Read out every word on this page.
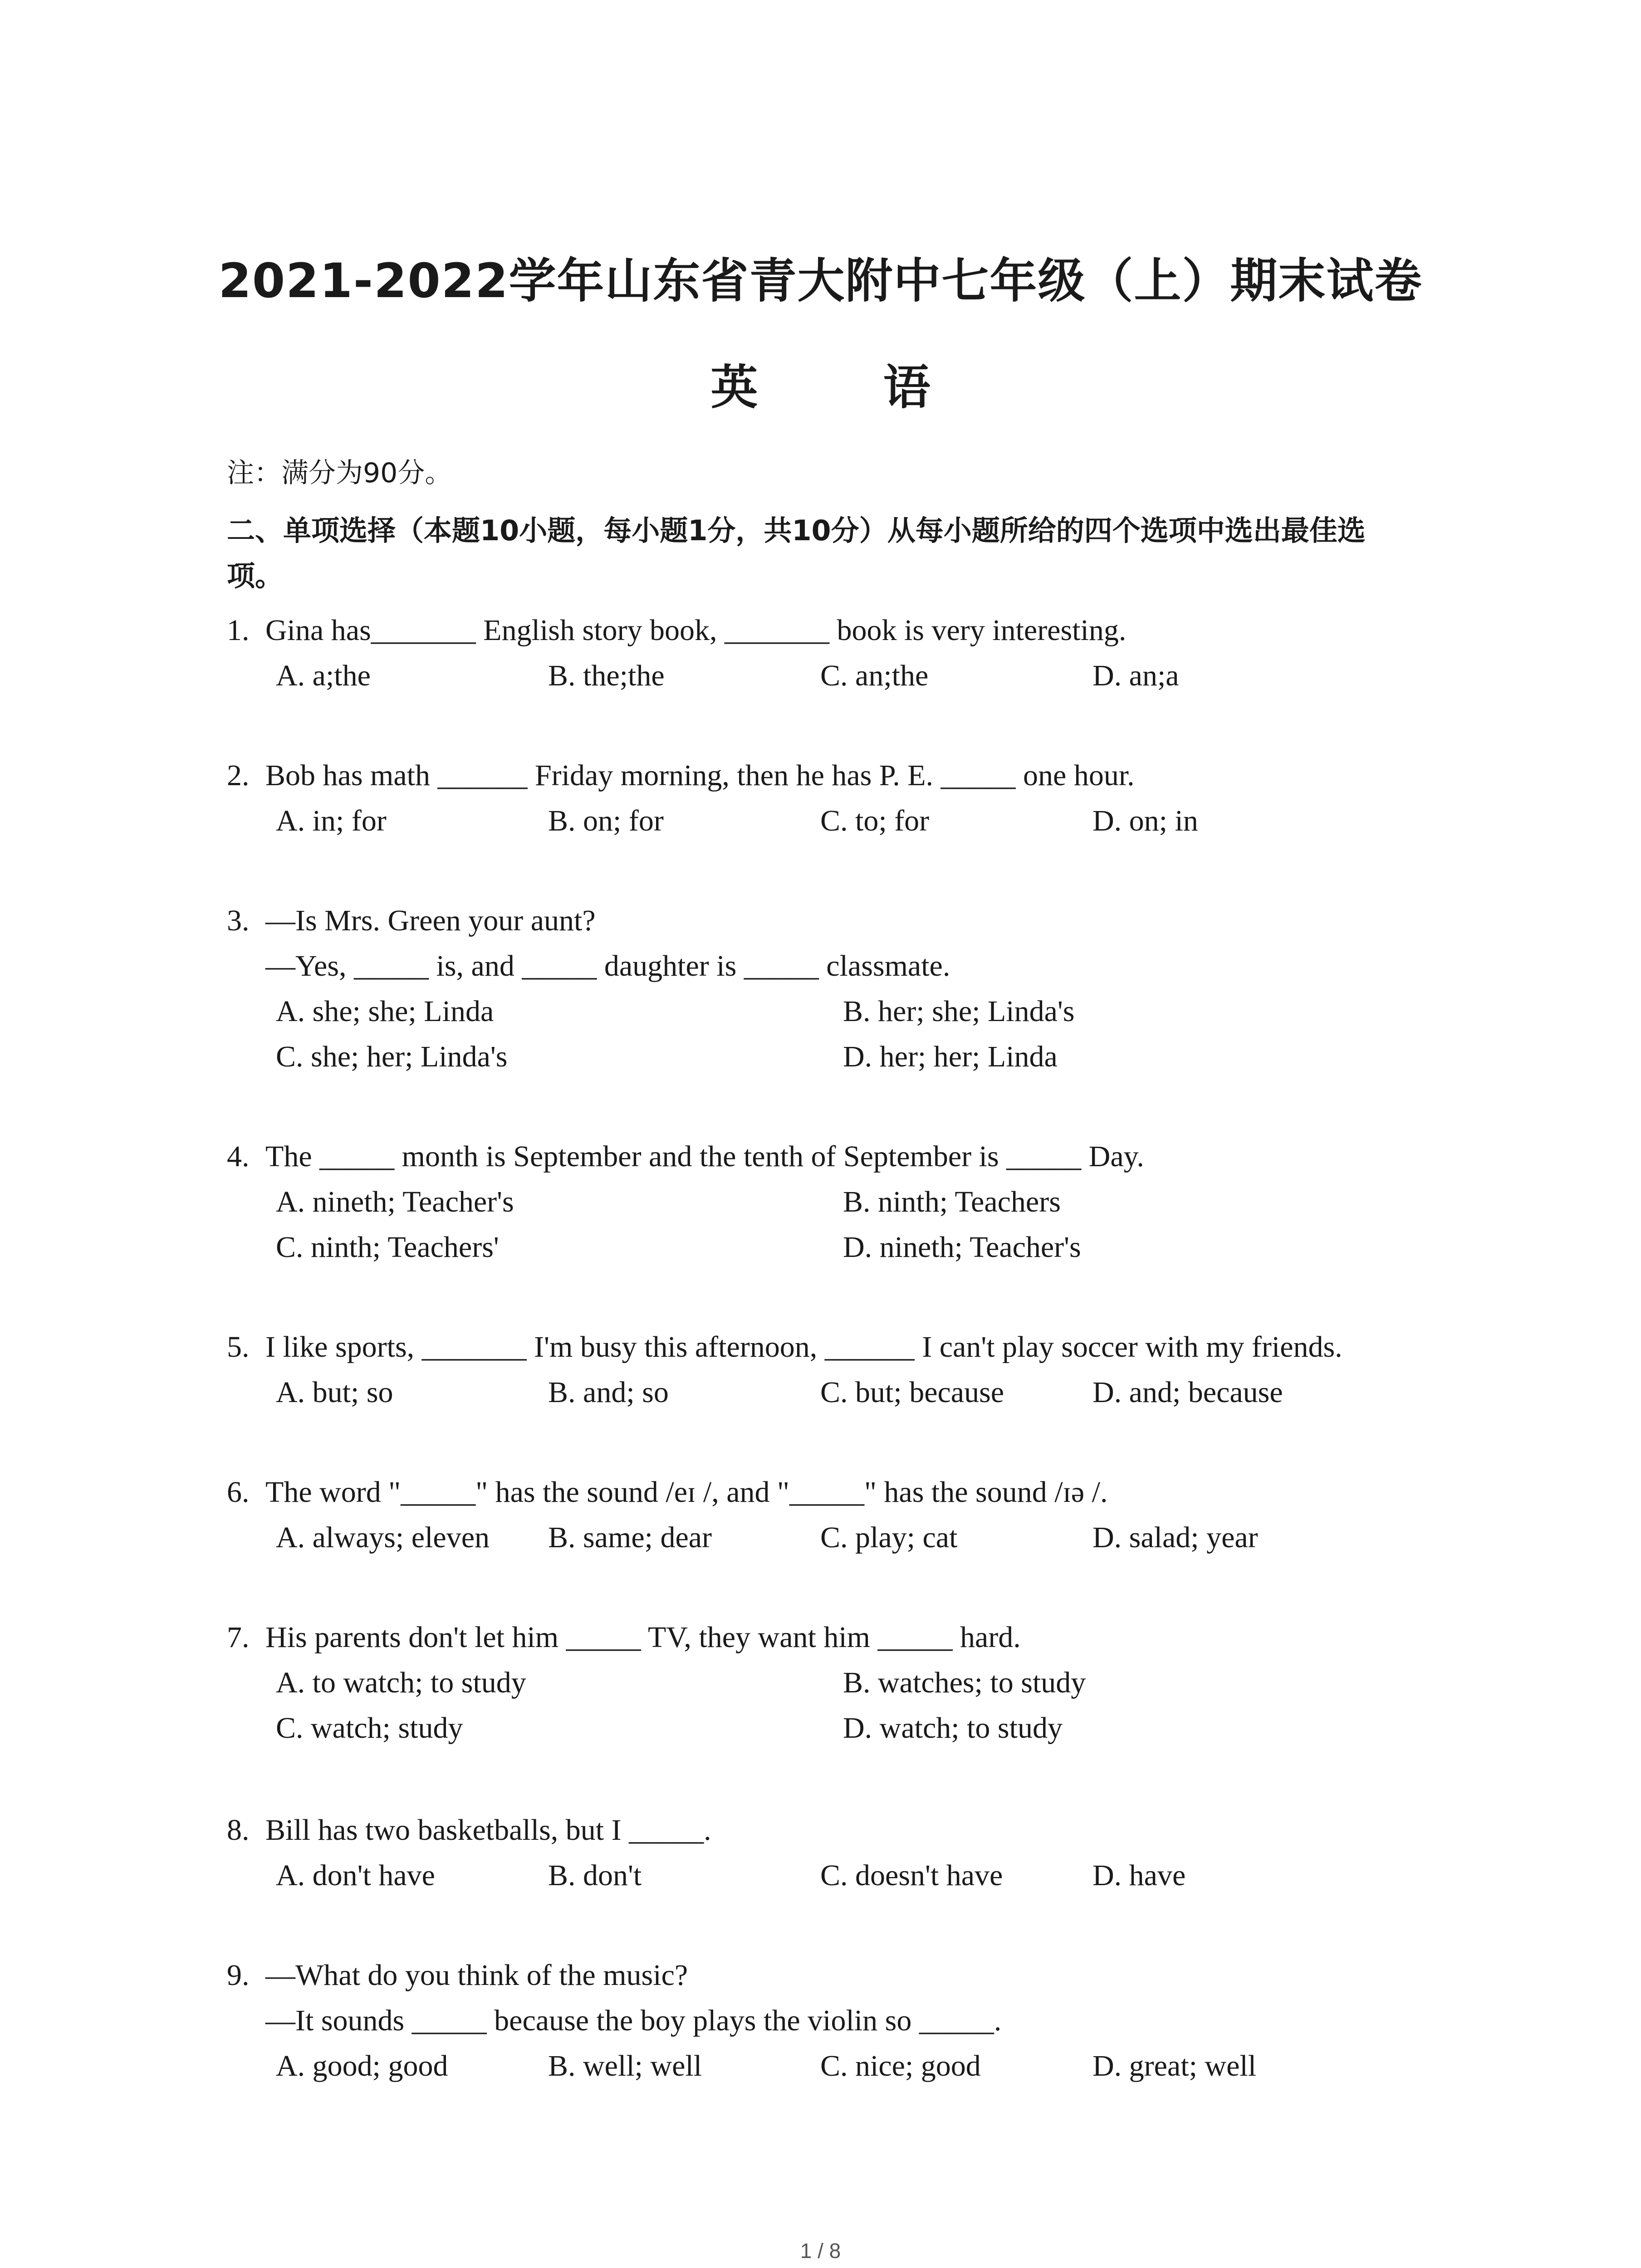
2021-2022学年山东省青大附中七年级（上）期末试卷
英 语
注：满分为90分。
二、单项选择（本题10小题，每小题1分，共10分）从每小题所给的四个选项中选出最佳选
项。
1. Gina has_______ English story book, _______ book is very interesting.
A. a;the	B. the;the	C. an;the	D. an;a
2. Bob has math ______ Friday morning, then he has P. E. _____ one hour.
A. in; for	B. on; for	C. to; for	D. on; in
3. —Is Mrs. Green your aunt?
—Yes, _____ is, and _____ daughter is _____ classmate.
A. she; she; Linda	B. her; she; Linda's
C. she; her; Linda's	D. her; her; Linda
4. The _____ month is September and the tenth of September is _____ Day.
A. nineth; Teacher's	B. ninth; Teachers
C. ninth; Teachers'	D. nineth; Teacher's
5. I like sports, _______ I'm busy this afternoon, ______ I can't play soccer with my friends.
A. but; so	B. and; so	C. but; because	D. and; because
6. The word "_____" has the sound /eɪ /, and "_____" has the sound /ɪə /.
A. always; eleven B. same; dear	C. play; cat	D. salad; year
7. His parents don't let him _____ TV, they want him _____ hard.
A. to watch; to study	B. watches; to study
C. watch; study	D. watch; to study
8. Bill has two basketballs, but I _____.
A. don't have	B. don't	C. doesn't have	D. have
9. —What do you think of the music?
—It sounds _____ because the boy plays the violin so _____.
A. good; good	B. well; well	C. nice; good	D. great; well
1 / 8
